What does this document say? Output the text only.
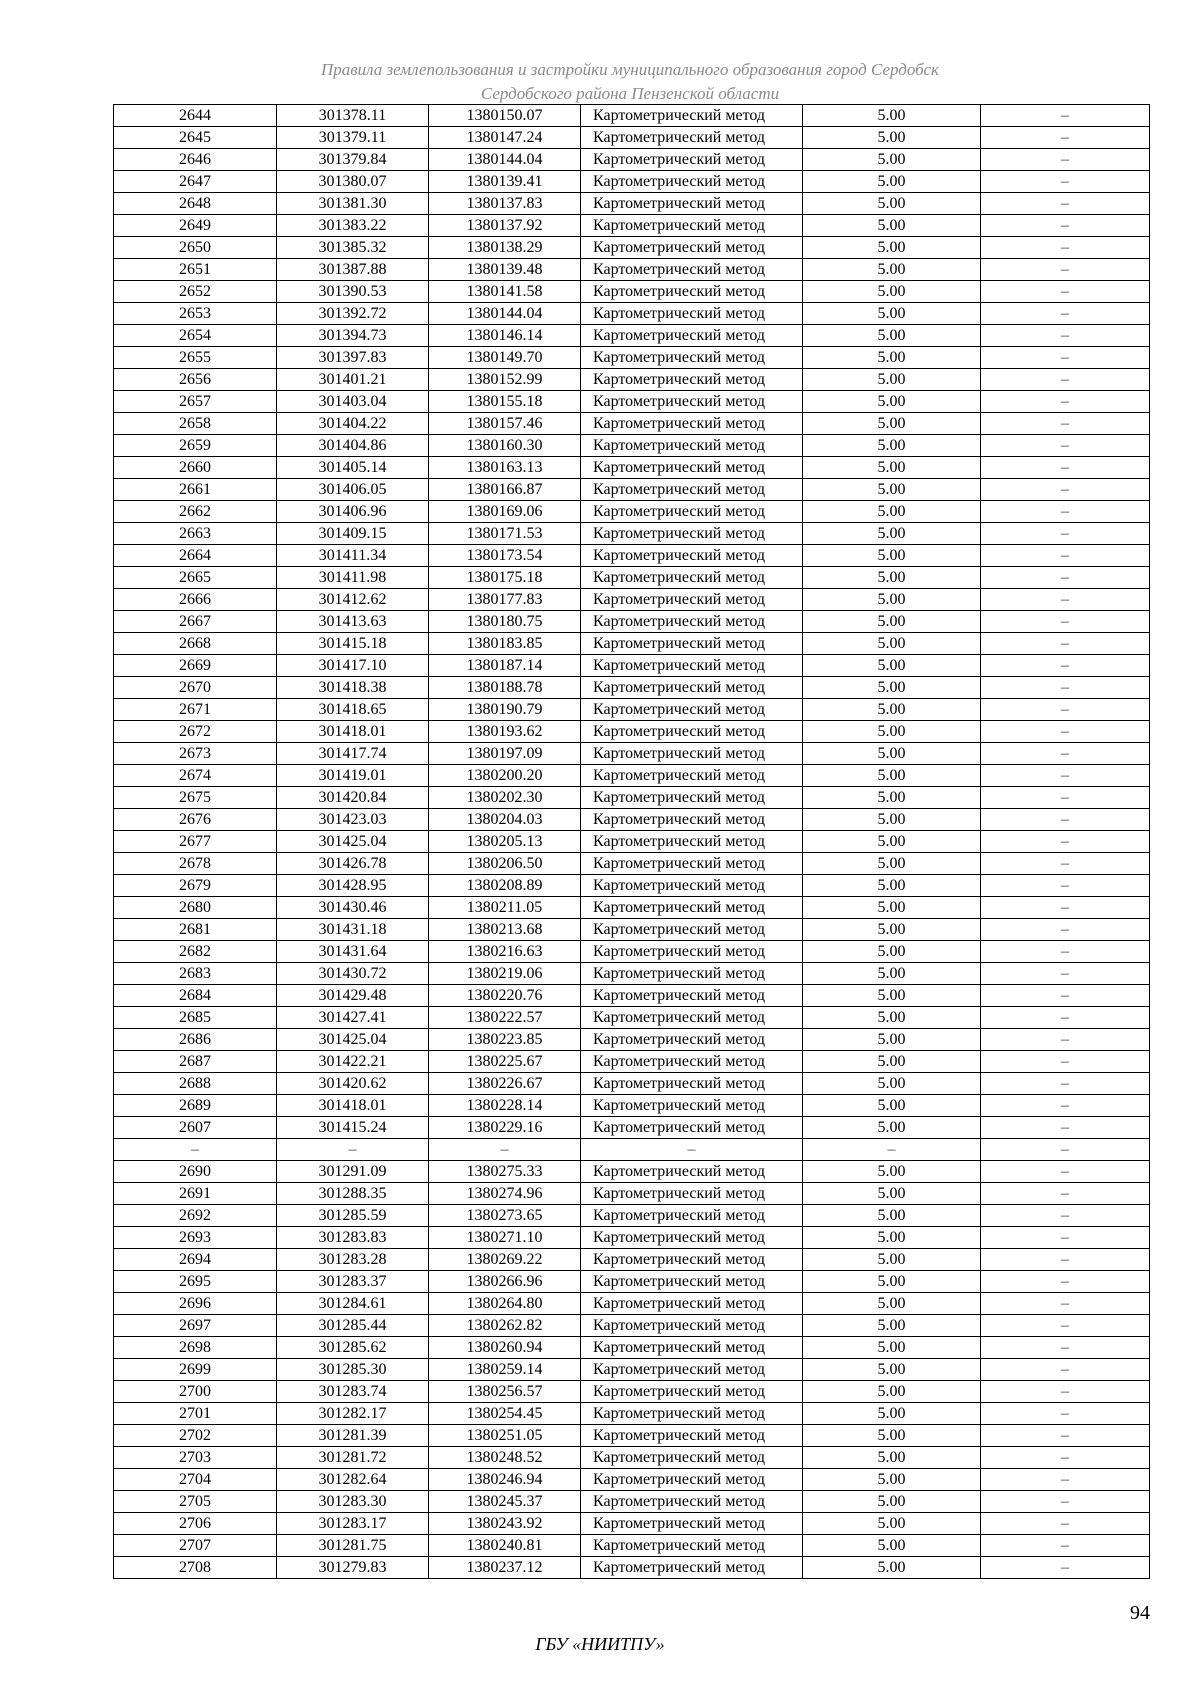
Правила землепользования и застройки муниципального образования город Сердобск
Сердобского района Пензенской области
2644	301378.11	1380150.07	Картометрический метод	5.00	–
2645	301379.11	1380147.24	Картометрический метод	5.00	–
2646	301379.84	1380144.04	Картометрический метод	5.00	–
2647	301380.07	1380139.41	Картометрический метод	5.00	–
2648	301381.30	1380137.83	Картометрический метод	5.00	–
2649	301383.22	1380137.92	Картометрический метод	5.00	–
2650	301385.32	1380138.29	Картометрический метод	5.00	–
2651	301387.88	1380139.48	Картометрический метод	5.00	–
2652	301390.53	1380141.58	Картометрический метод	5.00	–
2653	301392.72	1380144.04	Картометрический метод	5.00	–
2654	301394.73	1380146.14	Картометрический метод	5.00	–
2655	301397.83	1380149.70	Картометрический метод	5.00	–
2656	301401.21	1380152.99	Картометрический метод	5.00	–
2657	301403.04	1380155.18	Картометрический метод	5.00	–
2658	301404.22	1380157.46	Картометрический метод	5.00	–
2659	301404.86	1380160.30	Картометрический метод	5.00	–
2660	301405.14	1380163.13	Картометрический метод	5.00	–
2661	301406.05	1380166.87	Картометрический метод	5.00	–
2662	301406.96	1380169.06	Картометрический метод	5.00	–
2663	301409.15	1380171.53	Картометрический метод	5.00	–
2664	301411.34	1380173.54	Картометрический метод	5.00	–
2665	301411.98	1380175.18	Картометрический метод	5.00	–
2666	301412.62	1380177.83	Картометрический метод	5.00	–
2667	301413.63	1380180.75	Картометрический метод	5.00	–
2668	301415.18	1380183.85	Картометрический метод	5.00	–
2669	301417.10	1380187.14	Картометрический метод	5.00	–
2670	301418.38	1380188.78	Картометрический метод	5.00	–
2671	301418.65	1380190.79	Картометрический метод	5.00	–
2672	301418.01	1380193.62	Картометрический метод	5.00	–
2673	301417.74	1380197.09	Картометрический метод	5.00	–
2674	301419.01	1380200.20	Картометрический метод	5.00	–
2675	301420.84	1380202.30	Картометрический метод	5.00	–
2676	301423.03	1380204.03	Картометрический метод	5.00	–
2677	301425.04	1380205.13	Картометрический метод	5.00	–
2678	301426.78	1380206.50	Картометрический метод	5.00	–
2679	301428.95	1380208.89	Картометрический метод	5.00	–
2680	301430.46	1380211.05	Картометрический метод	5.00	–
2681	301431.18	1380213.68	Картометрический метод	5.00	–
2682	301431.64	1380216.63	Картометрический метод	5.00	–
2683	301430.72	1380219.06	Картометрический метод	5.00	–
2684	301429.48	1380220.76	Картометрический метод	5.00	–
2685	301427.41	1380222.57	Картометрический метод	5.00	–
2686	301425.04	1380223.85	Картометрический метод	5.00	–
2687	301422.21	1380225.67	Картометрический метод	5.00	–
2688	301420.62	1380226.67	Картометрический метод	5.00	–
2689	301418.01	1380228.14	Картометрический метод	5.00	–
2607	301415.24	1380229.16	Картометрический метод	5.00	–
–	–	–	–	–	–
2690	301291.09	1380275.33	Картометрический метод	5.00	–
2691	301288.35	1380274.96	Картометрический метод	5.00	–
2692	301285.59	1380273.65	Картометрический метод	5.00	–
2693	301283.83	1380271.10	Картометрический метод	5.00	–
2694	301283.28	1380269.22	Картометрический метод	5.00	–
2695	301283.37	1380266.96	Картометрический метод	5.00	–
2696	301284.61	1380264.80	Картометрический метод	5.00	–
2697	301285.44	1380262.82	Картометрический метод	5.00	–
2698	301285.62	1380260.94	Картометрический метод	5.00	–
2699	301285.30	1380259.14	Картометрический метод	5.00	–
2700	301283.74	1380256.57	Картометрический метод	5.00	–
2701	301282.17	1380254.45	Картометрический метод	5.00	–
2702	301281.39	1380251.05	Картометрический метод	5.00	–
2703	301281.72	1380248.52	Картометрический метод	5.00	–
2704	301282.64	1380246.94	Картометрический метод	5.00	–
2705	301283.30	1380245.37	Картометрический метод	5.00	–
2706	301283.17	1380243.92	Картометрический метод	5.00	–
2707	301281.75	1380240.81	Картометрический метод	5.00	–
2708	301279.83	1380237.12	Картометрический метод	5.00	–
94
ГБУ «НИИТПУ»
